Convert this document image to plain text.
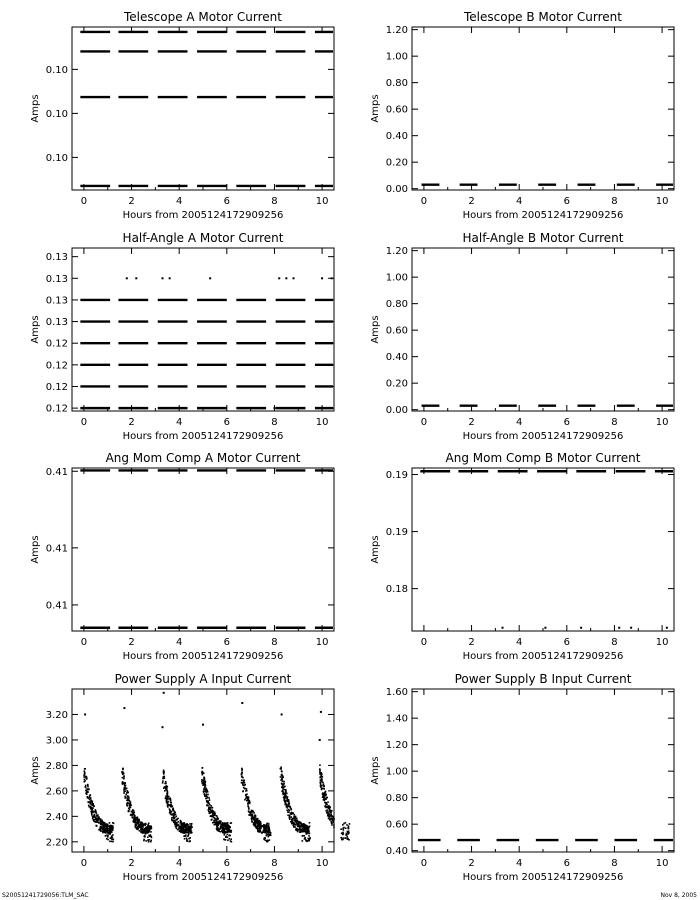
Telescope A Motor Current
0	2	4	6	8	10
0.10
0.10
0.10
Hours from 2005124172909256
Amps
Telescope B Motor Current
0	2	4	6	8	10
0.00
0.20
0.40
0.60
0.80
1.00
1.20
Hours from 2005124172909256
Amps
Half-Angle A Motor Current
0	2	4	6	8	10
0.12
0.12
0.12
0.12
0.13
0.13
0.13
0.13
Hours from 2005124172909256
Amps
Half-Angle B Motor Current
0	2	4	6	8	10
0.00
0.20
0.40
0.60
0.80
1.00
1.20
Hours from 2005124172909256
Amps
Ang Mom Comp A Motor Current
0	2	4	6	8	10
0.41
0.41
0.41
Hours from 2005124172909256
Amps
Ang Mom Comp B Motor Current
0	2	4	6	8	10
0.18
0.19
0.19
Hours from 2005124172909256
Amps
Power Supply A Input Current
0	2	4	6	8	10
2.20
2.40
2.60
2.80
3.00
3.20
Hours from 2005124172909256
Amps
Power Supply B Input Current
0	2	4	6	8	10
0.40
0.60
0.80
1.00
1.20
1.40
1.60
Hours from 2005124172909256
Amps
S20051241729056:TLM_SAC	Nov 8, 2005
